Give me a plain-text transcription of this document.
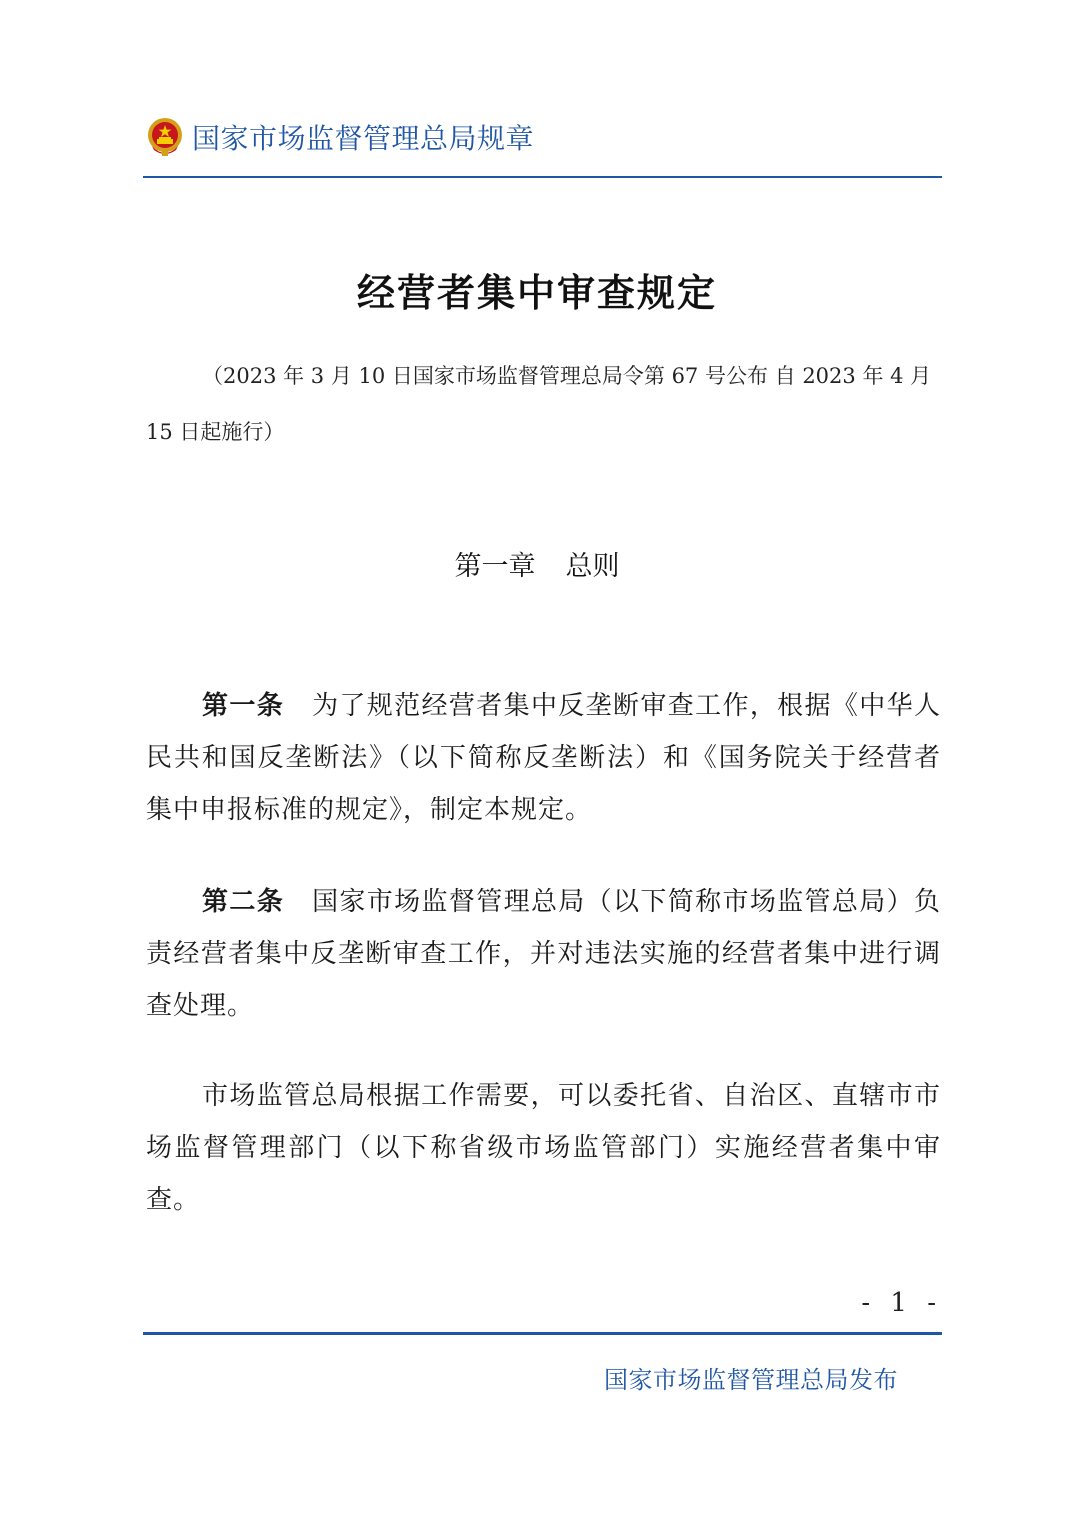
国家市场监督管理总局规章
经营者集中审查规定
（2023 年 3 月 10 日国家市场监督管理总局令第 67 号公布 自 2023 年 4 月 15 日起施行）
第一章 总则
第一条 为了规范经营者集中反垄断审查工作，根据《中华人民共和国反垄断法》（以下简称反垄断法）和《国务院关于经营者集中申报标准的规定》，制定本规定。
第二条 国家市场监督管理总局（以下简称市场监管总局）负责经营者集中反垄断审查工作，并对违法实施的经营者集中进行调查处理。
市场监管总局根据工作需要，可以委托省、自治区、直辖市市场监督管理部门（以下称省级市场监管部门）实施经营者集中审查。
- 1 -
国家市场监督管理总局发布
